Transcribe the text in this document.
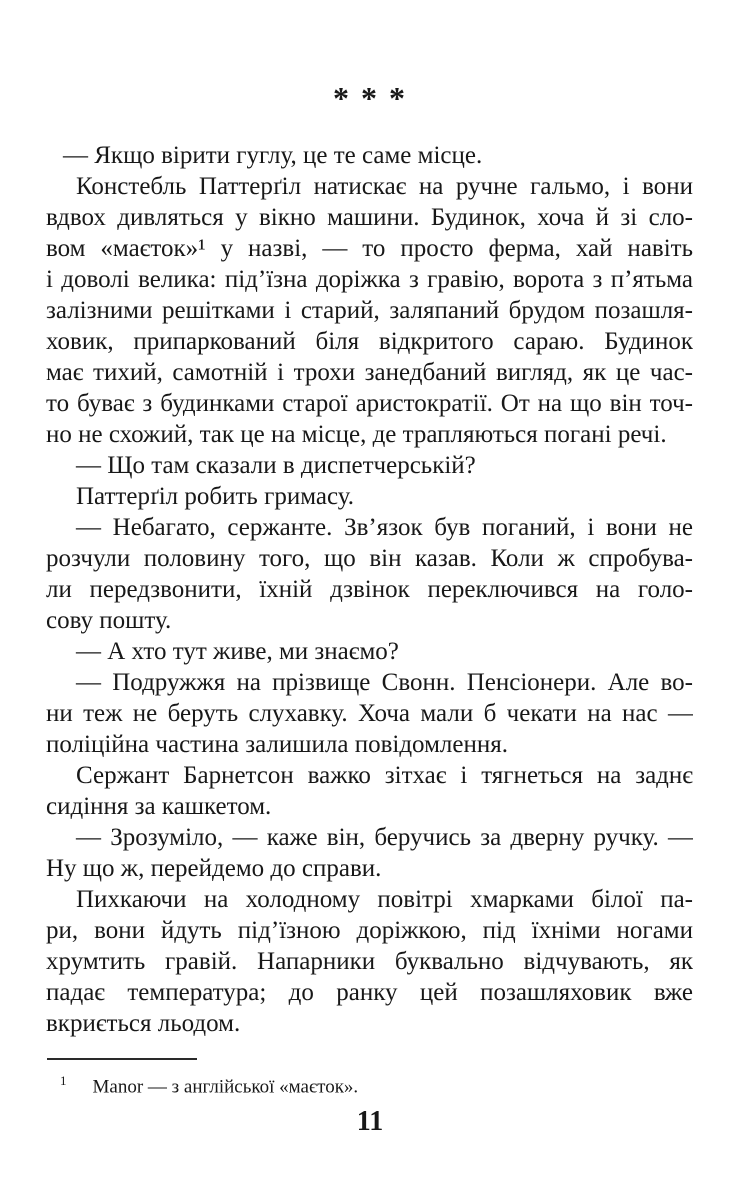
* * *
— Якщо вірити гуглу, це те саме місце.
Констебль Паттерґіл натискає на ручне гальмо, і вони
вдвох дивляться у вікно машини. Будинок, хоча й зі сло-
вом «маєток»¹ у назві, — то просто ферма, хай навіть
і доволі велика: під’їзна доріжка з гравію, ворота з п’ятьма
залізними решітками і старий, заляпаний брудом позашля-
ховик, припаркований біля відкритого сараю. Будинок
має тихий, самотній і трохи занедбаний вигляд, як це час-
то буває з будинками старої аристократії. От на що він точ-
но не схожий, так це на місце, де трапляються погані речі.
— Що там сказали в диспетчерській?
Паттерґіл робить гримасу.
— Небагато, сержанте. Зв’язок був поганий, і вони не
розчули половину того, що він казав. Коли ж спробува-
ли передзвонити, їхній дзвінок переключився на голо-
сову пошту.
— А хто тут живе, ми знаємо?
— Подружжя на прізвище Свонн. Пенсіонери. Але во-
ни теж не беруть слухавку. Хоча мали б чекати на нас —
поліційна частина залишила повідомлення.
Сержант Барнетсон важко зітхає і тягнеться на заднє
сидіння за кашкетом.
— Зрозуміло, — каже він, беручись за дверну ручку. —
Ну що ж, перейдемо до справи.
Пихкаючи на холодному повітрі хмарками білої па-
ри, вони йдуть під’їзною доріжкою, під їхніми ногами
хрумтить гравій. Напарники буквально відчувають, як
падає температура; до ранку цей позашляховик вже
вкриється льодом.
$^1$ Manor — з англійської «маєток».
11
